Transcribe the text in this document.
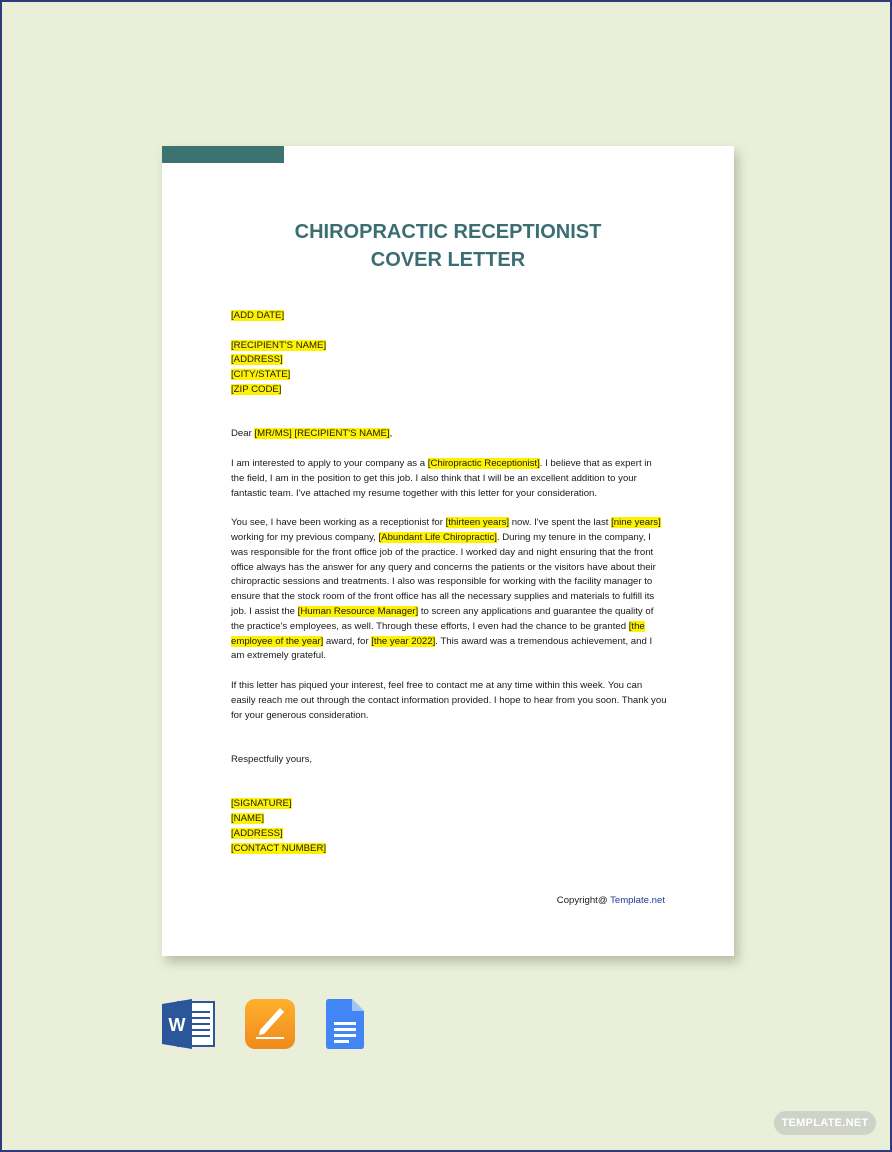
CHIROPRACTIC RECEPTIONIST
COVER LETTER
[ADD DATE]
[RECIPIENT'S NAME]
[ADDRESS]
[CITY/STATE]
[ZIP CODE]

Dear [MR/MS] [RECIPIENT'S NAME],

I am interested to apply to your company as a [Chiropractic Receptionist]. I believe that as expert in the field, I am in the position to get this job. I also think that I will be an excellent addition to your fantastic team. I've attached my resume together with this letter for your consideration.

You see, I have been working as a receptionist for [thirteen years] now. I've spent the last [nine years] working for my previous company, [Abundant Life Chiropractic]. During my tenure in the company, I was responsible for the front office job of the practice. I worked day and night ensuring that the front office always has the answer for any query and concerns the patients or the visitors have about their chiropractic sessions and treatments. I also was responsible for working with the facility manager to ensure that the stock room of the front office has all the necessary supplies and materials to fulfill its job. I assist the [Human Resource Manager] to screen any applications and guarantee the quality of the practice's employees, as well. Through these efforts, I even had the chance to be granted [the employee of the year] award, for [the year 2022]. This award was a tremendous achievement, and I am extremely grateful.

If this letter has piqued your interest, feel free to contact me at any time within this week. You can easily reach me out through the contact information provided. I hope to hear from you soon. Thank you for your generous consideration.

Respectfully yours,

[SIGNATURE]
[NAME]
[ADDRESS]
[CONTACT NUMBER]
Copyright@ Template.net
W
TEMPLATE.NET
